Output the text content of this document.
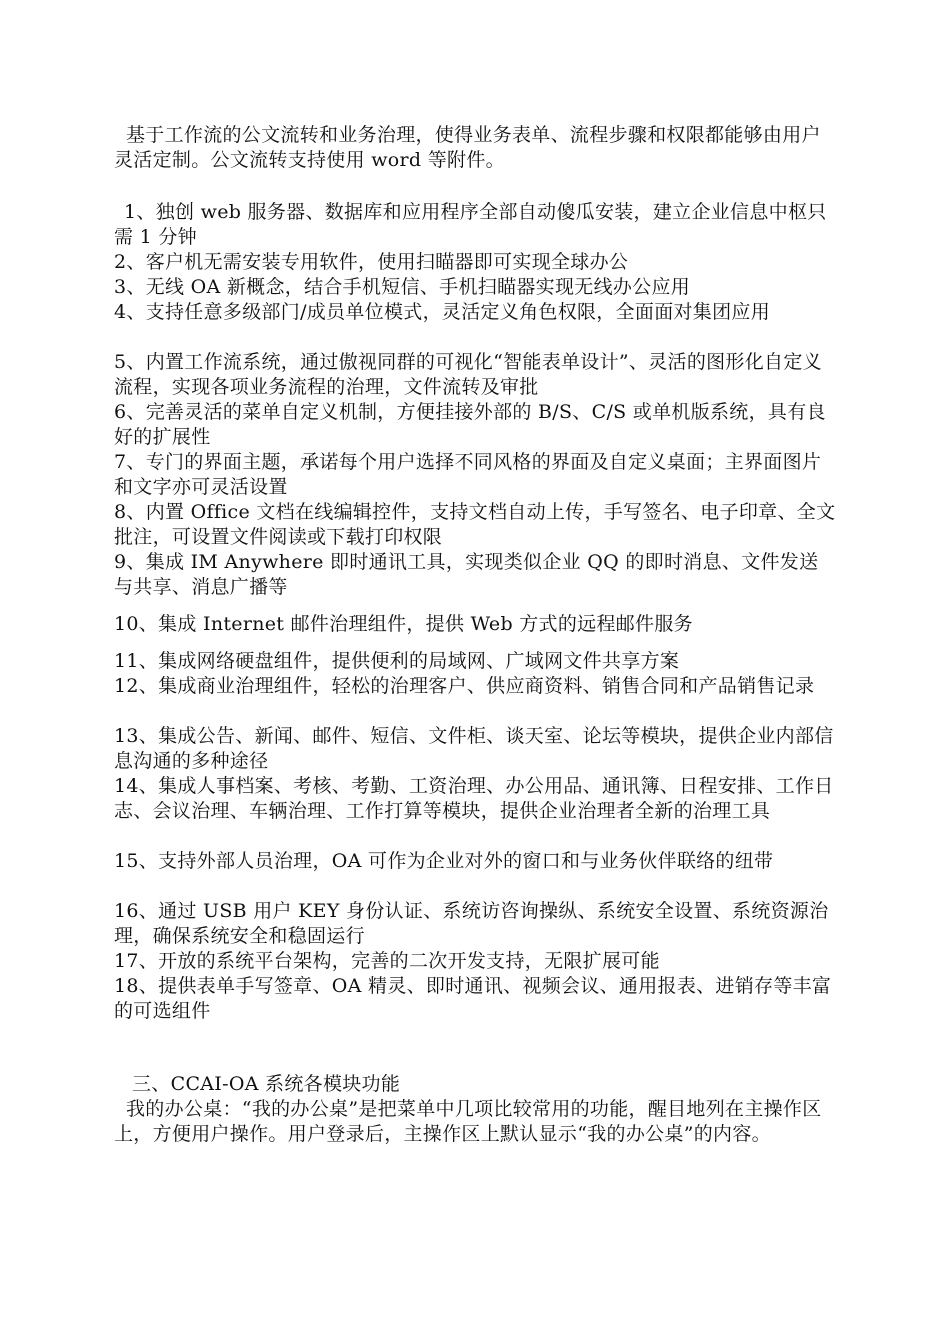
基于工作流的公文流转和业务治理，使得业务表单、流程步骤和权限都能够由用户灵活定制。公文流转支持使用 word 等附件。

1、独创 web 服务器、数据库和应用程序全部自动傻瓜安装，建立企业信息中枢只需 1 分钟

2、客户机无需安装专用软件，使用扫瞄器即可实现全球办公

3、无线 OA 新概念，结合手机短信、手机扫瞄器实现无线办公应用

4、支持任意多级部门/成员单位模式，灵活定义角色权限，全面面对集团应用

5、内置工作流系统，通过傲视同群的可视化“智能表单设计”、灵活的图形化自定义流程，实现各项业务流程的治理，文件流转及审批

6、完善灵活的菜单自定义机制，方便挂接外部的 B/S、C/S 或单机版系统，具有良好的扩展性

7、专门的界面主题，承诺每个用户选择不同风格的界面及自定义桌面；主界面图片和文字亦可灵活设置

8、内置 Office 文档在线编辑控件，支持文档自动上传，手写签名、电子印章、全文批注，可设置文件阅读或下载打印权限

9、集成 IM Anywhere 即时通讯工具，实现类似企业 QQ 的即时消息、文件发送与共享、消息广播等

10、集成 Internet 邮件治理组件，提供 Web 方式的远程邮件服务

11、集成网络硬盘组件，提供便利的局域网、广域网文件共享方案

12、集成商业治理组件，轻松的治理客户、供应商资料、销售合同和产品销售记录

13、集成公告、新闻、邮件、短信、文件柜、谈天室、论坛等模块，提供企业内部信息沟通的多种途径

14、集成人事档案、考核、考勤、工资治理、办公用品、通讯簿、日程安排、工作日志、会议治理、车辆治理、工作打算等模块，提供企业治理者全新的治理工具

15、支持外部人员治理，OA 可作为企业对外的窗口和与业务伙伴联络的纽带

16、通过 USB 用户 KEY 身份认证、系统访咨询操纵、系统安全设置、系统资源治理，确保系统安全和稳固运行

17、开放的系统平台架构，完善的二次开发支持，无限扩展可能

18、提供表单手写签章、OA 精灵、即时通讯、视频会议、通用报表、进销存等丰富的可选组件

三、CCAI-OA 系统各模块功能

我的办公桌：“我的办公桌”是把菜单中几项比较常用的功能，醒目地列在主操作区上，方便用户操作。用户登录后，主操作区上默认显示“我的办公桌”的内容。
